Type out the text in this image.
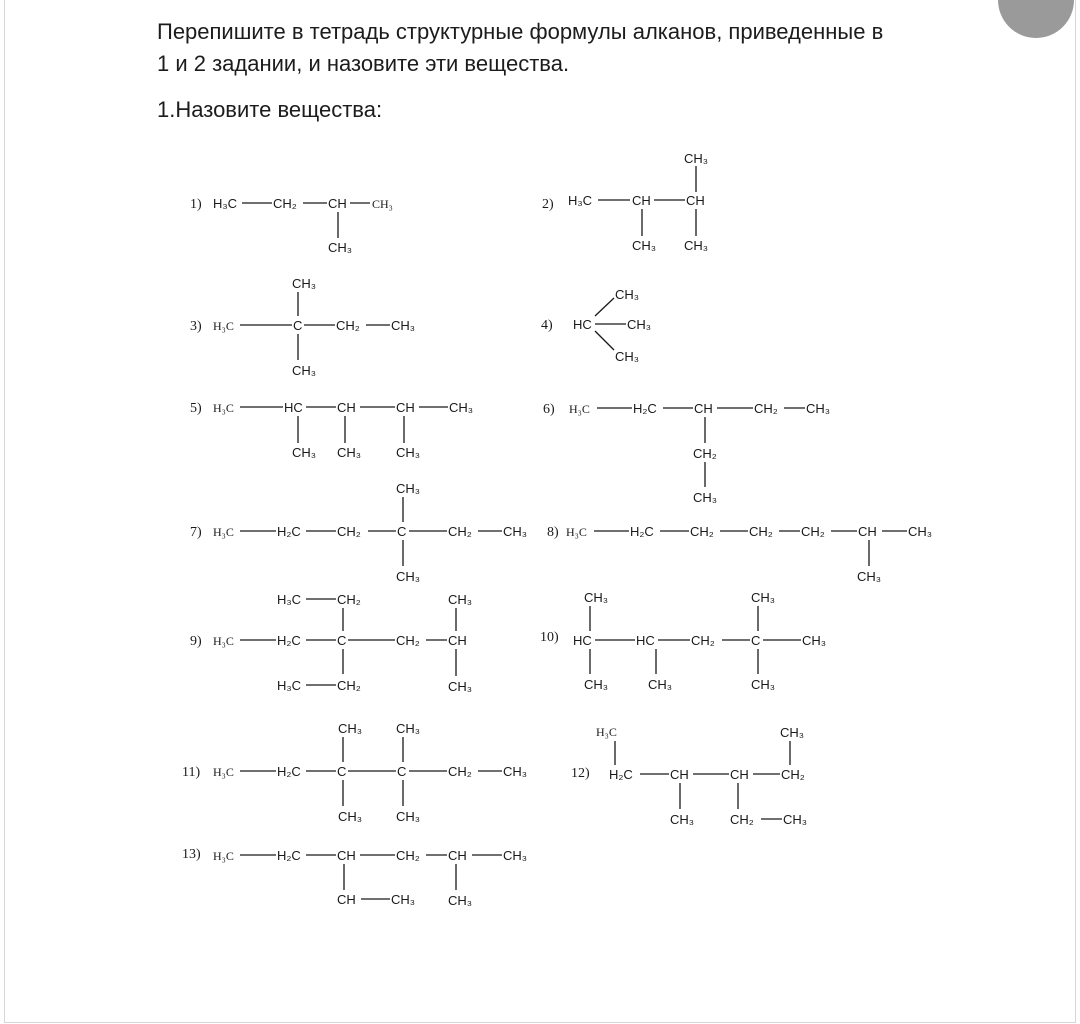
Перепишите в тетрадь структурные формулы алканов, приведенные в
1 и 2 задании, и назовите эти вещества.
1.Назовите вещества:
1) H₃C	CH₂ CH CH₃
CH₃
2) H₃C	CH	CH
CH₃
CH₃ CH₃
3) H₃C	C	CH₂ CH₃
CH₃
CH₃
4) HC
CH₃
CH₃
CH₃
5) H₃C	HC	CH	CH	CH₃
CH₃ CH₃	CH₃
6) H₃C	H₂C	CH	CH₂ CH₃
CH₂
CH₃
7) H₃C	H₂C	CH₂	C	CH₂ CH₃
CH₃
CH₃
8) H₃C	H₂C	CH₂	CH₂ CH₂	CH CH₃
CH₃
9) H₃C	H₂C	C	CH₂ CH
H₃C	CH₂
H₃C	CH₂
CH₃
CH₃
10) HC	HC	CH₂	C	CH₃
CH₃
CH₃	CH₃
CH₃
CH₃
11) H₃C	H₂C	C	C	CH₂ CH₃
CH₃
CH₃
CH₃
CH₃
12)
H₃C
H₂C	CH	CH CH₂
CH₃
CH₃	CH₂ CH₃
13) H₃C	H₂C	CH	CH₂ CH	CH₃
CH	CH₃	CH₃
